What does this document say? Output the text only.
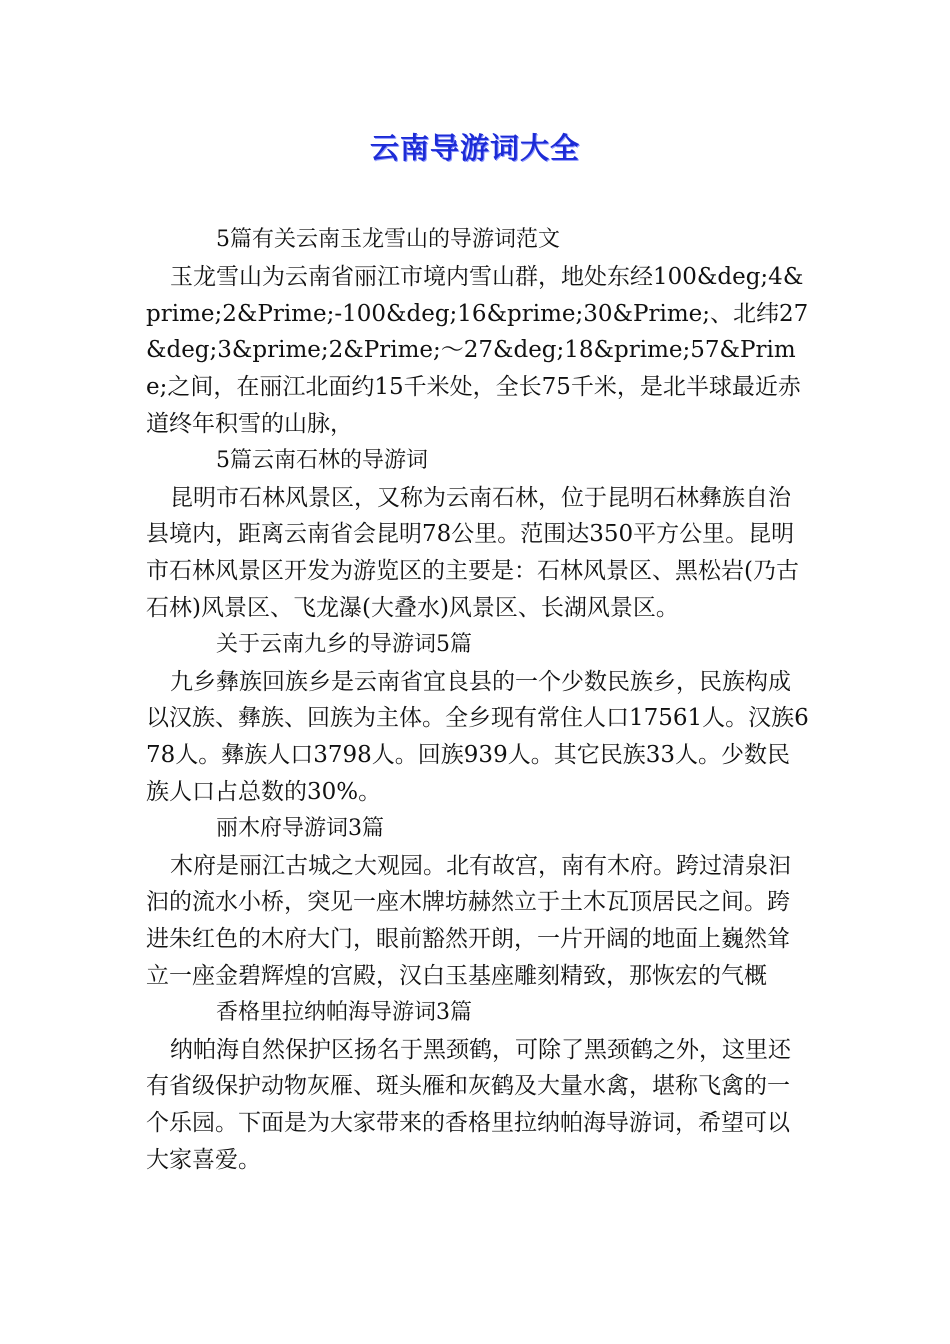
云南导游词大全

5篇有关云南玉龙雪山的导游词范文

玉龙雪山为云南省丽江市境内雪山群，地处东经100&deg;4&prime;2&Prime;-100&deg;16&prime;30&Prime;、北纬27&deg;3&prime;2&Prime;～27&deg;18&prime;57&Prime;之间，在丽江北面约15千米处，全长75千米，是北半球最近赤道终年积雪的山脉，

5篇云南石林的导游词

昆明市石林风景区，又称为云南石林，位于昆明石林彝族自治县境内，距离云南省会昆明78公里。范围达350平方公里。昆明市石林风景区开发为游览区的主要是：石林风景区、黑松岩(乃古石林)风景区、飞龙瀑(大叠水)风景区、长湖风景区。

关于云南九乡的导游词5篇

九乡彝族回族乡是云南省宜良县的一个少数民族乡，民族构成以汉族、彝族、回族为主体。全乡现有常住人口17561人。汉族678人。彝族人口3798人。回族939人。其它民族33人。少数民族人口占总数的30%。

丽木府导游词3篇

木府是丽江古城之大观园。北有故宫，南有木府。跨过清泉汩汩的流水小桥，突见一座木牌坊赫然立于土木瓦顶居民之间。跨进朱红色的木府大门，眼前豁然开朗，一片开阔的地面上巍然耸立一座金碧辉煌的宫殿，汉白玉基座雕刻精致，那恢宏的气概

香格里拉纳帕海导游词3篇

纳帕海自然保护区扬名于黑颈鹤，可除了黑颈鹤之外，这里还有省级保护动物灰雁、斑头雁和灰鹤及大量水禽，堪称飞禽的一个乐园。下面是为大家带来的香格里拉纳帕海导游词，希望可以大家喜爱。
